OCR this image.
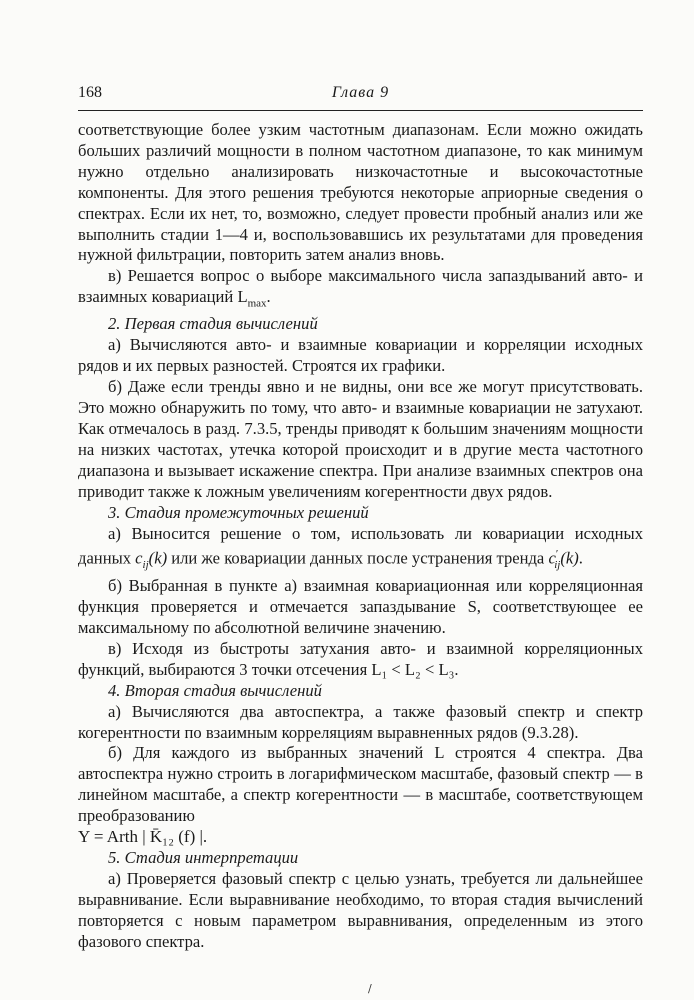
168	Глава 9

соответствующие более узким частотным диапазонам. Если можно ожидать больших различий мощности в полном частотном диапазоне, то как минимум нужно отдельно анализировать низкочастотные и высокочастотные компоненты. Для этого решения требуются некоторые априорные сведения о спектрах. Если их нет, то, возможно, следует провести пробный анализ или же выполнить стадии 1—4 и, воспользовавшись их результатами для проведения нужной фильтрации, повторить затем анализ вновь.

в) Решается вопрос о выборе максимального числа запаздываний авто- и взаимных ковариаций $L_{max}$.

2. Первая стадия вычислений

а) Вычисляются авто- и взаимные ковариации и корреляции исходных рядов и их первых разностей. Строятся их графики.

б) Даже если тренды явно и не видны, они все же могут присутствовать. Это можно обнаружить по тому, что авто- и взаимные ковариации не затухают. Как отмечалось в разд. 7.3.5, тренды приводят к большим значениям мощности на низких частотах, утечка которой происходит и в другие места частотного диапазона и вызывает искажение спектра. При анализе взаимных спектров она приводит также к ложным увеличениям когерентности двух рядов.

3. Стадия промежуточных решений

а) Выносится решение о том, использовать ли ковариации исходных данных $c_{ij}(k)$ или же ковариации данных после устранения тренда $c'_{ij}(k)$.

б) Выбранная в пункте а) взаимная ковариационная или корреляционная функция проверяется и отмечается запаздывание S, соответствующее ее максимальному по абсолютной величине значению.

в) Исходя из быстроты затухания авто- и взаимной корреляционных функций, выбираются 3 точки отсечения L₁ < L₂ < L₃.

4. Вторая стадия вычислений

а) Вычисляются два автоспектра, а также фазовый спектр и спектр когерентности по взаимным корреляциям выравненных рядов (9.3.28).

б) Для каждого из выбранных значений L строятся 4 спектра. Два автоспектра нужно строить в логарифмическом масштабе, фазовый спектр — в линейном масштабе, а спектр когерентности — в масштабе, соответствующем преобразованию

Y = Arth | K̄₁₂ (f) |.

5. Стадия интерпретации

а) Проверяется фазовый спектр с целью узнать, требуется ли дальнейшее выравнивание. Если выравнивание необходимо, то вторая стадия вычислений повторяется с новым параметром выравнивания, определенным из этого фазового спектра.

/
